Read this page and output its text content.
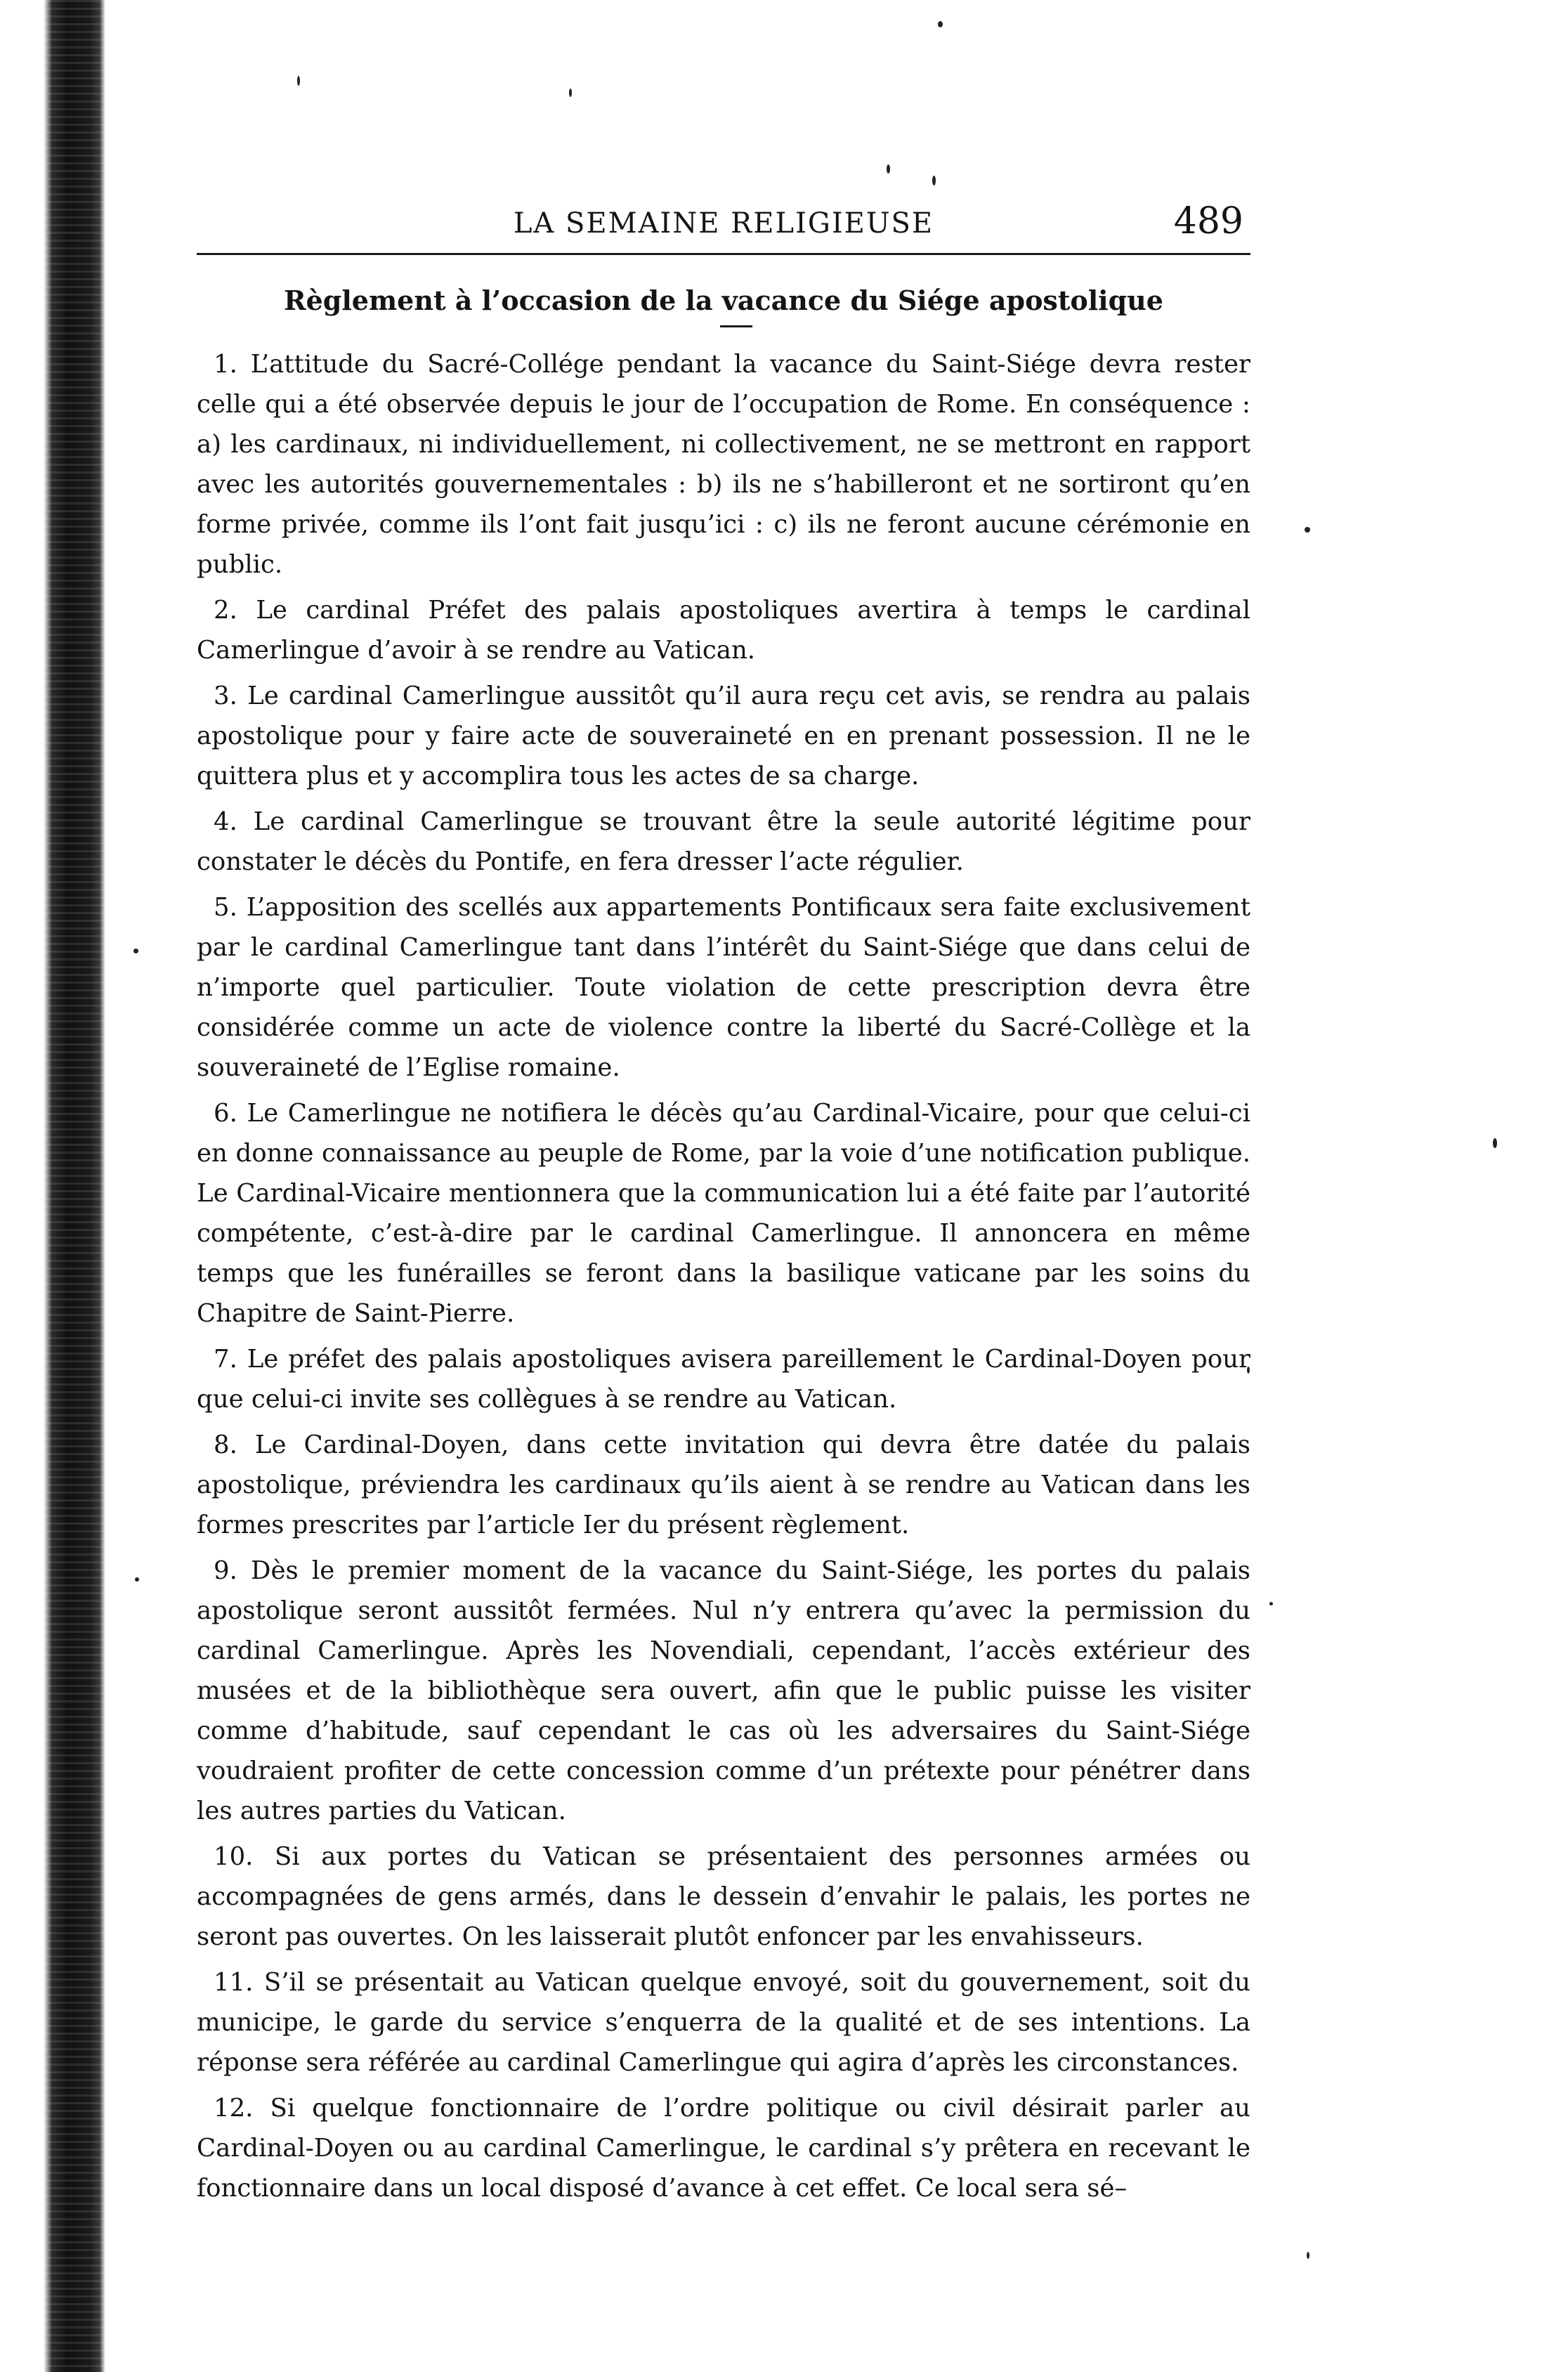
LA SEMAINE RELIGIEUSE	489
Règlement à l’occasion de la vacance du Siége apostolique

1. L’attitude du Sacré-Collége pendant la vacance du Saint-Siége devra rester celle qui a été observée depuis le jour de l’occupation de Rome. En conséquence : a) les cardinaux, ni individuellement, ni collectivement, ne se mettront en rapport avec les autorités gouvernementales : b) ils ne s’habilleront et ne sortiront qu’en forme privée, comme ils l’ont fait jusqu’ici : c) ils ne feront aucune cérémonie en public.

2. Le cardinal Préfet des palais apostoliques avertira à temps le cardinal Camerlingue d’avoir à se rendre au Vatican.

3. Le cardinal Camerlingue aussitôt qu’il aura reçu cet avis, se rendra au palais apostolique pour y faire acte de souveraineté en en prenant possession. Il ne le quittera plus et y accomplira tous les actes de sa charge.

4. Le cardinal Camerlingue se trouvant être la seule autorité légitime pour constater le décès du Pontife, en fera dresser l’acte régulier.

5. L’apposition des scellés aux appartements Pontificaux sera faite exclusivement par le cardinal Camerlingue tant dans l’intérêt du Saint-Siége que dans celui de n’importe quel particulier. Toute violation de cette prescription devra être considérée comme un acte de violence contre la liberté du Sacré-Collège et la souveraineté de l’Eglise romaine.

6. Le Camerlingue ne notifiera le décès qu’au Cardinal-Vicaire, pour que celui-ci en donne connaissance au peuple de Rome, par la voie d’une notification publique. Le Cardinal-Vicaire mentionnera que la communication lui a été faite par l’autorité compétente, c’est-à-dire par le cardinal Camerlingue. Il annoncera en même temps que les funérailles se feront dans la basilique vaticane par les soins du Chapitre de Saint-Pierre.

7. Le préfet des palais apostoliques avisera pareillement le Cardinal-Doyen pour que celui-ci invite ses collègues à se rendre au Vatican.

8. Le Cardinal-Doyen, dans cette invitation qui devra être datée du palais apostolique, préviendra les cardinaux qu’ils aient à se rendre au Vatican dans les formes prescrites par l’article Ier du présent règlement.

9. Dès le premier moment de la vacance du Saint-Siége, les portes du palais apostolique seront aussitôt fermées. Nul n’y entrera qu’avec la permission du cardinal Camerlingue. Après les Novendiali, cependant, l’accès extérieur des musées et de la bibliothèque sera ouvert, afin que le public puisse les visiter comme d’habitude, sauf cependant le cas où les adversaires du Saint-Siége voudraient profiter de cette concession comme d’un prétexte pour pénétrer dans les autres parties du Vatican.

10. Si aux portes du Vatican se présentaient des personnes armées ou accompagnées de gens armés, dans le dessein d’envahir le palais, les portes ne seront pas ouvertes. On les laisserait plutôt enfoncer par les envahisseurs.

11. S’il se présentait au Vatican quelque envoyé, soit du gouvernement, soit du municipe, le garde du service s’enquerra de la qualité et de ses intentions. La réponse sera référée au cardinal Camerlingue qui agira d’après les circonstances.

12. Si quelque fonctionnaire de l’ordre politique ou civil désirait parler au Cardinal-Doyen ou au cardinal Camerlingue, le cardinal s’y prêtera en recevant le fonctionnaire dans un local disposé d’avance à cet effet. Ce local sera sé–
